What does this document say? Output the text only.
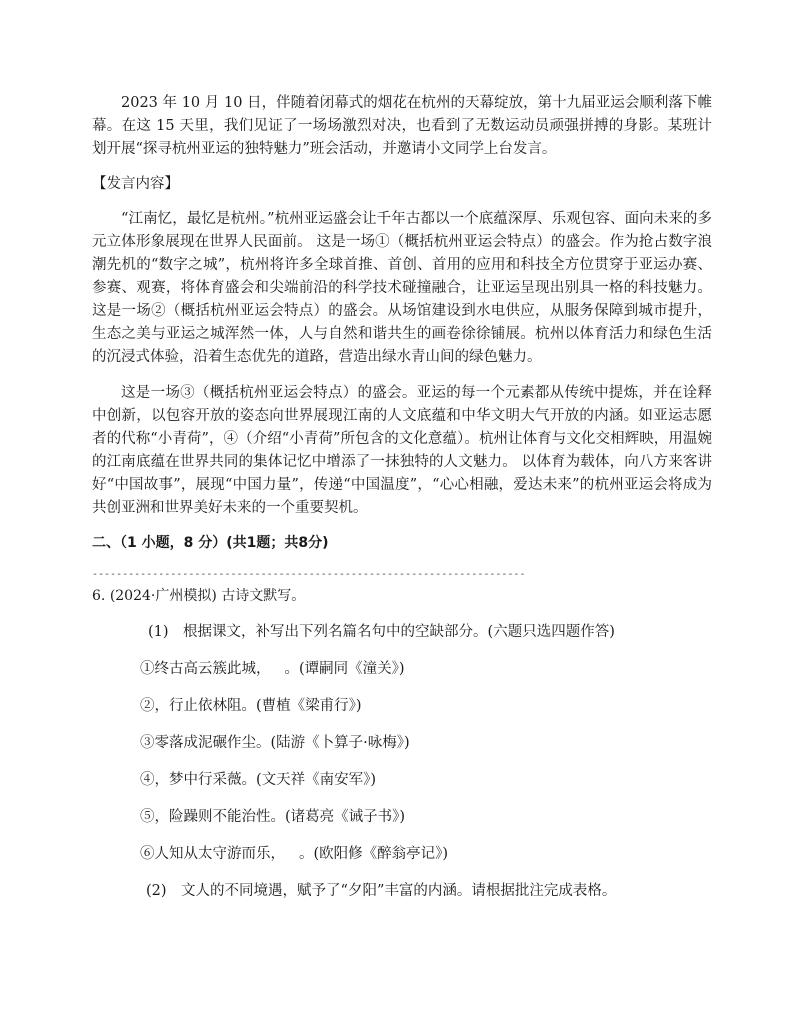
2023 年 10 月 10 日，伴随着闭幕式的烟花在杭州的天幕绽放，第十九届亚运会顺利落下帷幕。在这 15 天里，我们见证了一场场激烈对决，也看到了无数运动员顽强拼搏的身影。某班计划开展“探寻杭州亚运的独特魅力”班会活动，并邀请小文同学上台发言。

【发言内容】

“江南忆，最忆是杭州。”杭州亚运盛会让千年古都以一个底蕴深厚、乐观包容、面向未来的多元立体形象展现在世界人民面前。 这是一场①（概括杭州亚运会特点）的盛会。作为抢占数字浪潮先机的“数字之城”，杭州将许多全球首推、首创、首用的应用和科技全方位贯穿于亚运办赛、参赛、观赛，将体育盛会和尖端前沿的科学技术碰撞融合，让亚运呈现出别具一格的科技魅力。 这是一场②（概括杭州亚运会特点）的盛会。从场馆建设到水电供应，从服务保障到城市提升，生态之美与亚运之城浑然一体，人与自然和谐共生的画卷徐徐铺展。杭州以体育活力和绿色生活的沉浸式体验，沿着生态优先的道路，营造出绿水青山间的绿色魅力。

这是一场③（概括杭州亚运会特点）的盛会。亚运的每一个元素都从传统中提炼，并在诠释中创新，以包容开放的姿态向世界展现江南的人文底蕴和中华文明大气开放的内涵。如亚运志愿者的代称“小青荷”，④（介绍“小青荷”所包含的文化意蕴）。杭州让体育与文化交相辉映，用温婉的江南底蕴在世界共同的集体记忆中增添了一抹独特的人文魅力。 以体育为载体，向八方来客讲好“中国故事”，展现“中国力量”，传递“中国温度”，“心心相融，爱达未来”的杭州亚运会将成为共创亚洲和世界美好未来的一个重要契机。

二、（1 小题，8 分）(共1题；共8分)
------------------------------------------------------------------------
6. (2024·广州模拟) 古诗文默写。
(1)　根据课文，补写出下列名篇名句中的空缺部分。(六题只选四题作答)
①终古高云簇此城， 。(谭嗣同《潼关》)
②，行止依林阻。(曹植《梁甫行》)
③零落成泥碾作尘。(陆游《卜算子·咏梅》)
④，梦中行采薇。(文天祥《南安军》)
⑤，险躁则不能治性。(诸葛亮《诫子书》)
⑥人知从太守游而乐， 。(欧阳修《醉翁亭记》)
(2)　文人的不同境遇，赋予了“夕阳”丰富的内涵。请根据批注完成表格。
